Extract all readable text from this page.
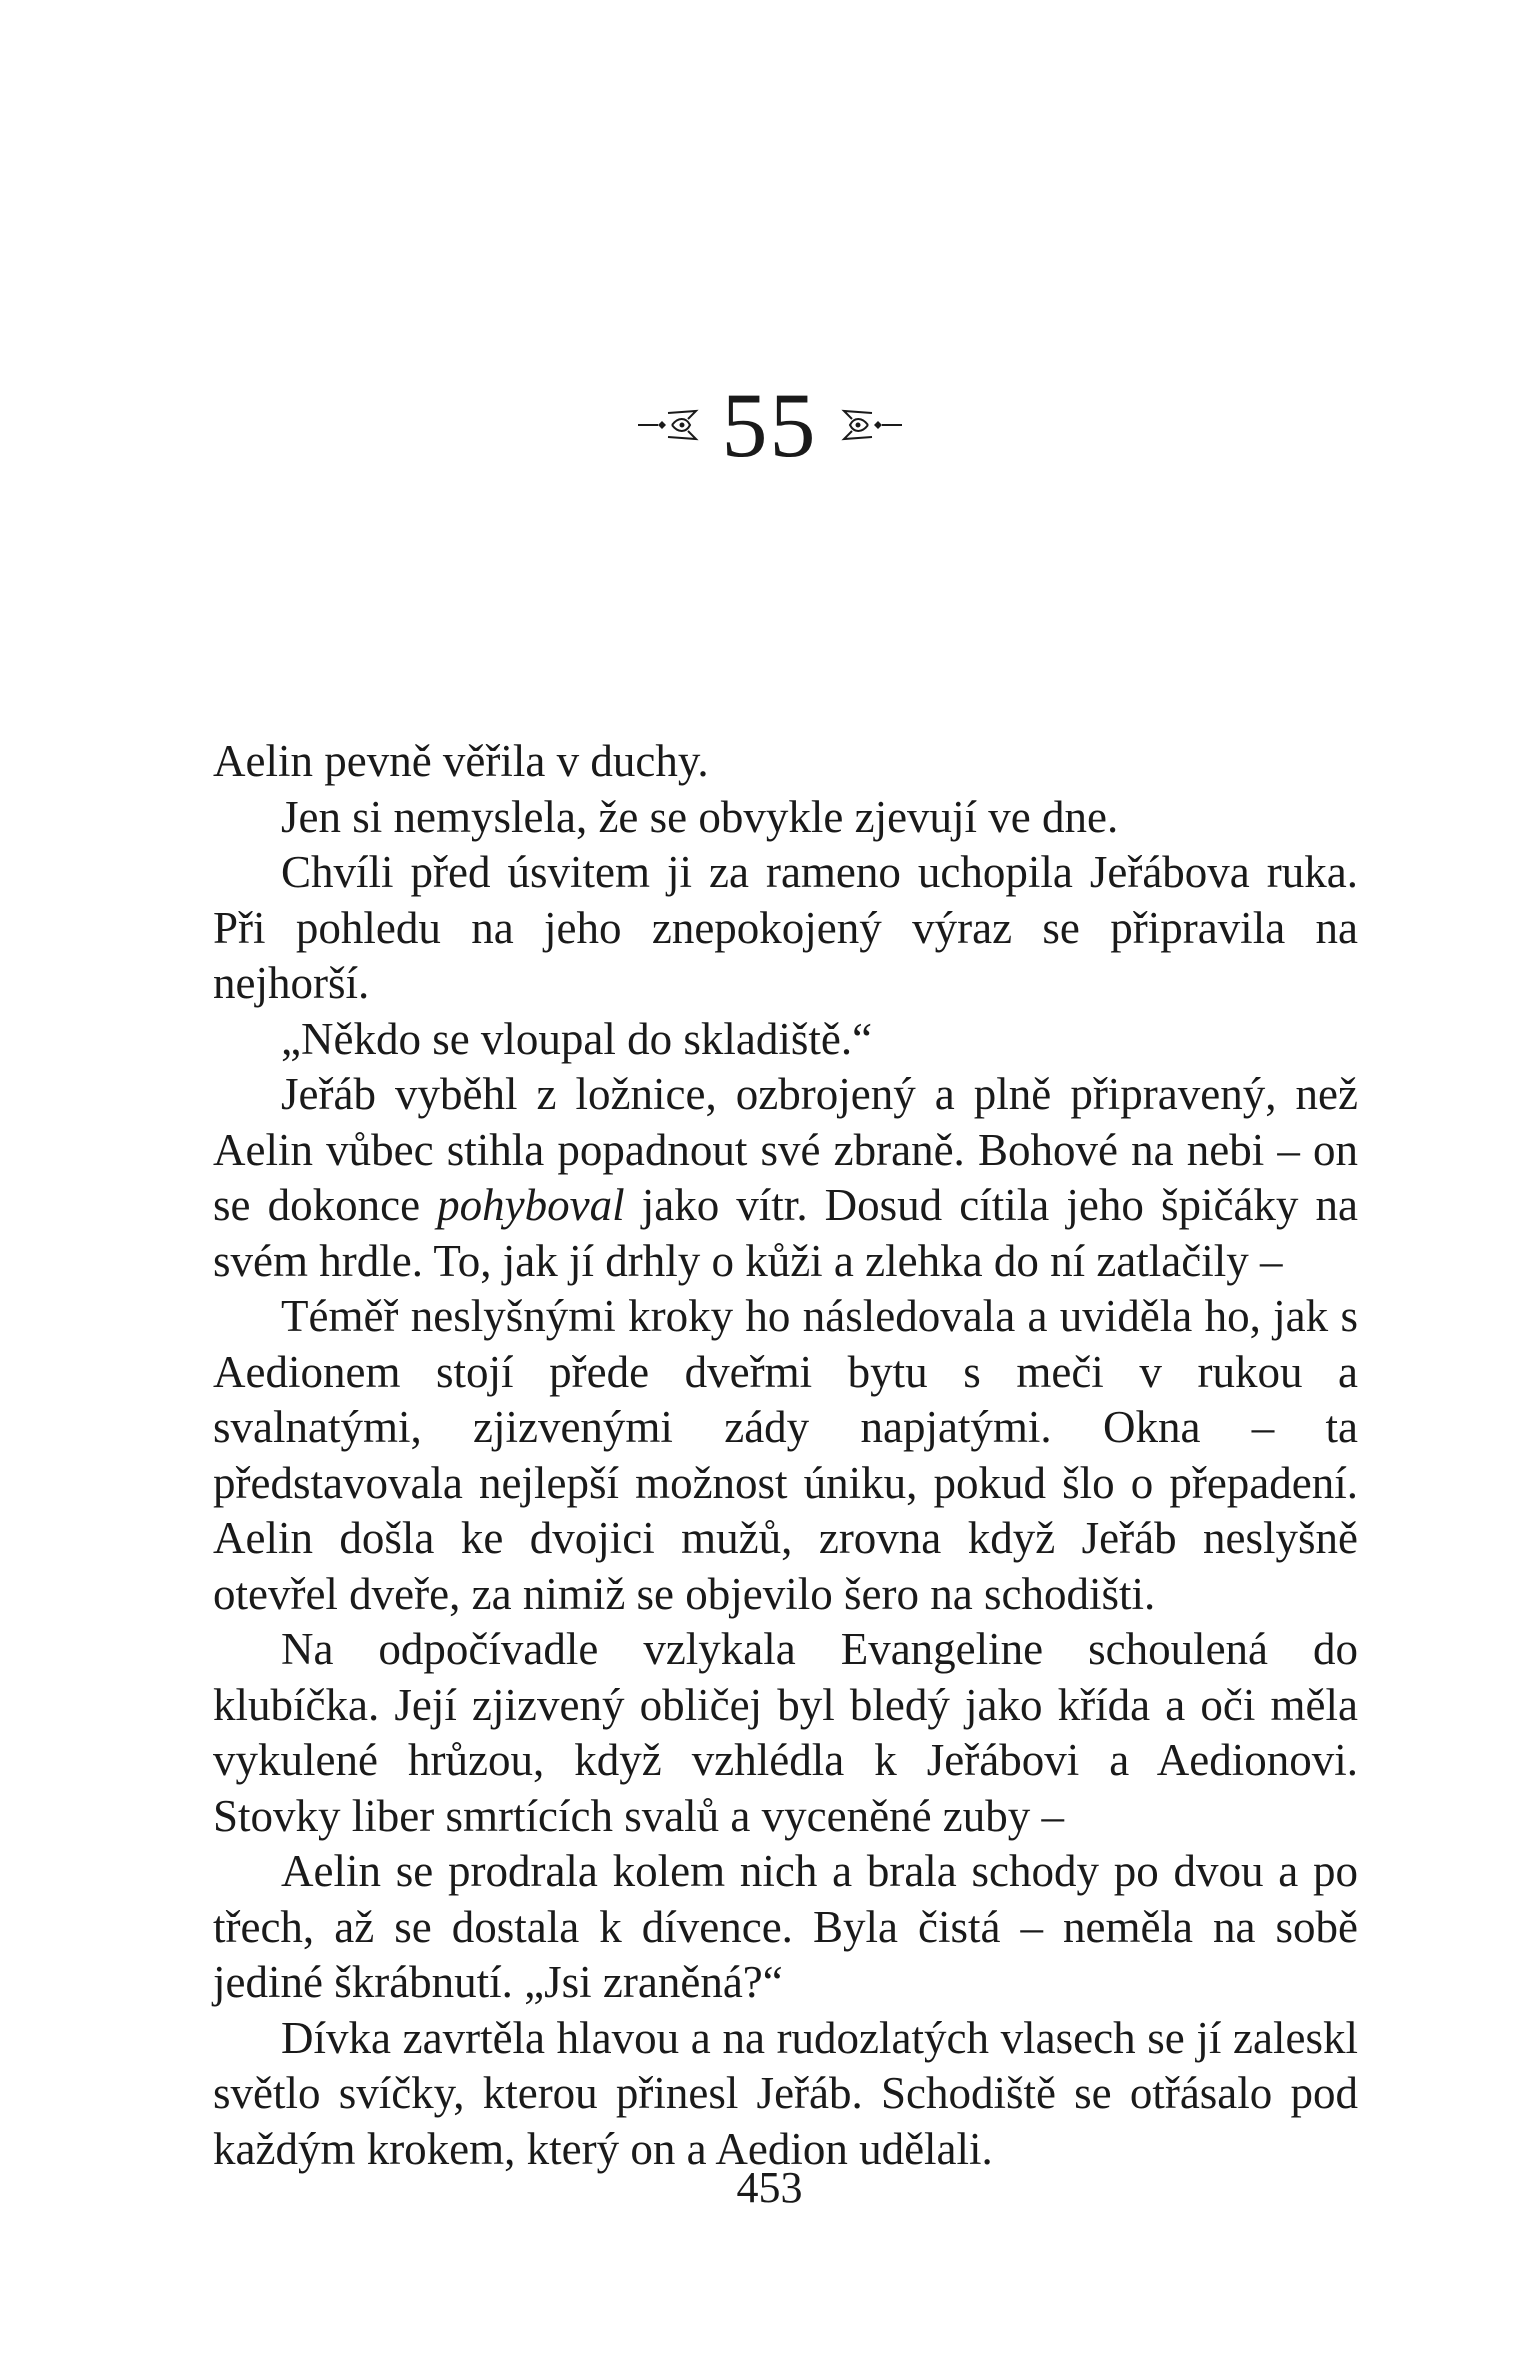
55

Aelin pevně věřila v duchy.

Jen si nemyslela, že se obvykle zjevují ve dne.

Chvíli před úsvitem ji za rameno uchopila Jeřábova ruka. Při pohledu na jeho znepokojený výraz se připravila na nejhorší.

„Někdo se vloupal do skladiště.“

Jeřáb vyběhl z ložnice, ozbrojený a plně připravený, než Aelin vůbec stihla popadnout své zbraně. Bohové na nebi – on se dokonce pohyboval jako vítr. Dosud cítila jeho špičáky na svém hrdle. To, jak jí drhly o kůži a zlehka do ní zatlačily –

Téměř neslyšnými kroky ho následovala a uviděla ho, jak s Aedionem stojí přede dveřmi bytu s meči v rukou a svalnatými, zjizvenými zády napjatými. Okna – ta představovala nejlepší možnost úniku, pokud šlo o přepadení. Aelin došla ke dvojici mužů, zrovna když Jeřáb neslyšně otevřel dveře, za nimiž se objevilo šero na schodišti.

Na odpočívadle vzlykala Evangeline schoulená do klubíčka. Její zjizvený obličej byl bledý jako křída a oči měla vykulené hrůzou, když vzhlédla k Jeřábovi a Aedionovi. Stovky liber smrtících svalů a vyceněné zuby –

Aelin se prodrala kolem nich a brala schody po dvou a po třech, až se dostala k dívence. Byla čistá – neměla na sobě jediné škrábnutí. „Jsi zraněná?“

Dívka zavrtěla hlavou a na rudozlatých vlasech se jí zaleskl světlo svíčky, kterou přinesl Jeřáb. Schodiště se otřásalo pod každým krokem, který on a Aedion udělali.

453
